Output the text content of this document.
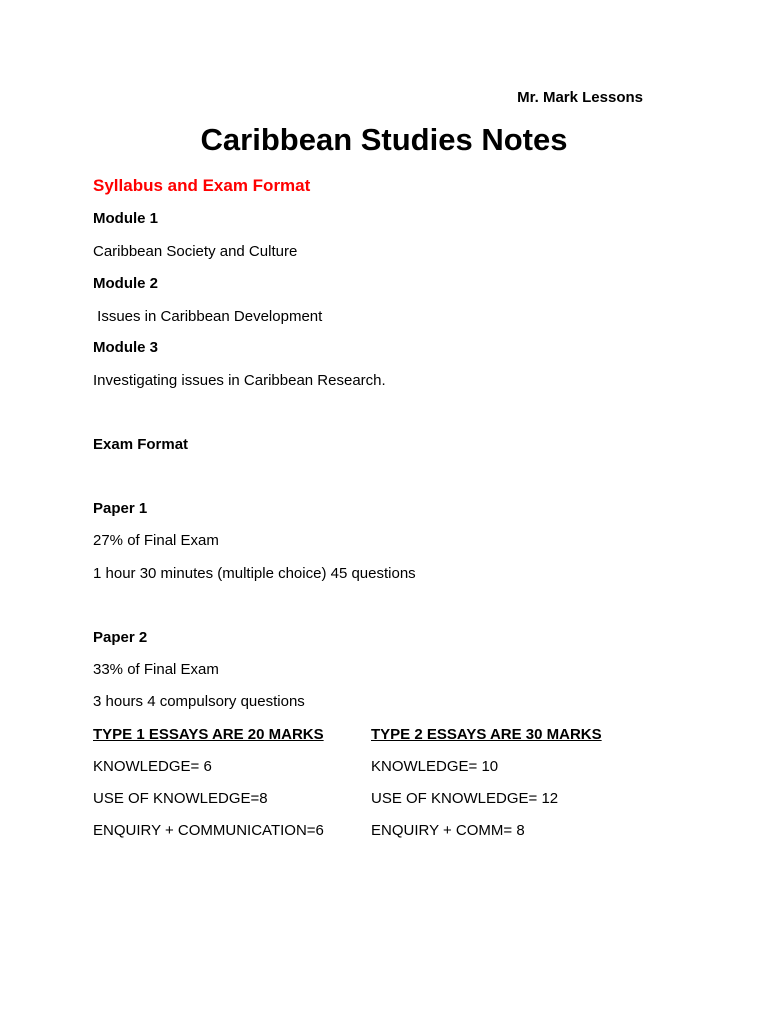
Mr. Mark Lessons

Caribbean Studies Notes

Syllabus and Exam Format

Module 1

Caribbean Society and Culture

Module 2

Issues in Caribbean Development

Module 3

Investigating issues in Caribbean Research.

Exam Format

Paper 1

27% of Final Exam

1 hour 30 minutes (multiple choice) 45 questions

Paper 2

33% of Final Exam

3 hours 4 compulsory questions

TYPE 1 ESSAYS ARE 20 MARKS	TYPE 2 ESSAYS ARE 30 MARKS

KNOWLEDGE= 6	KNOWLEDGE= 10

USE OF KNOWLEDGE=8	USE OF KNOWLEDGE= 12

ENQUIRY + COMMUNICATION=6	ENQUIRY + COMM= 8
